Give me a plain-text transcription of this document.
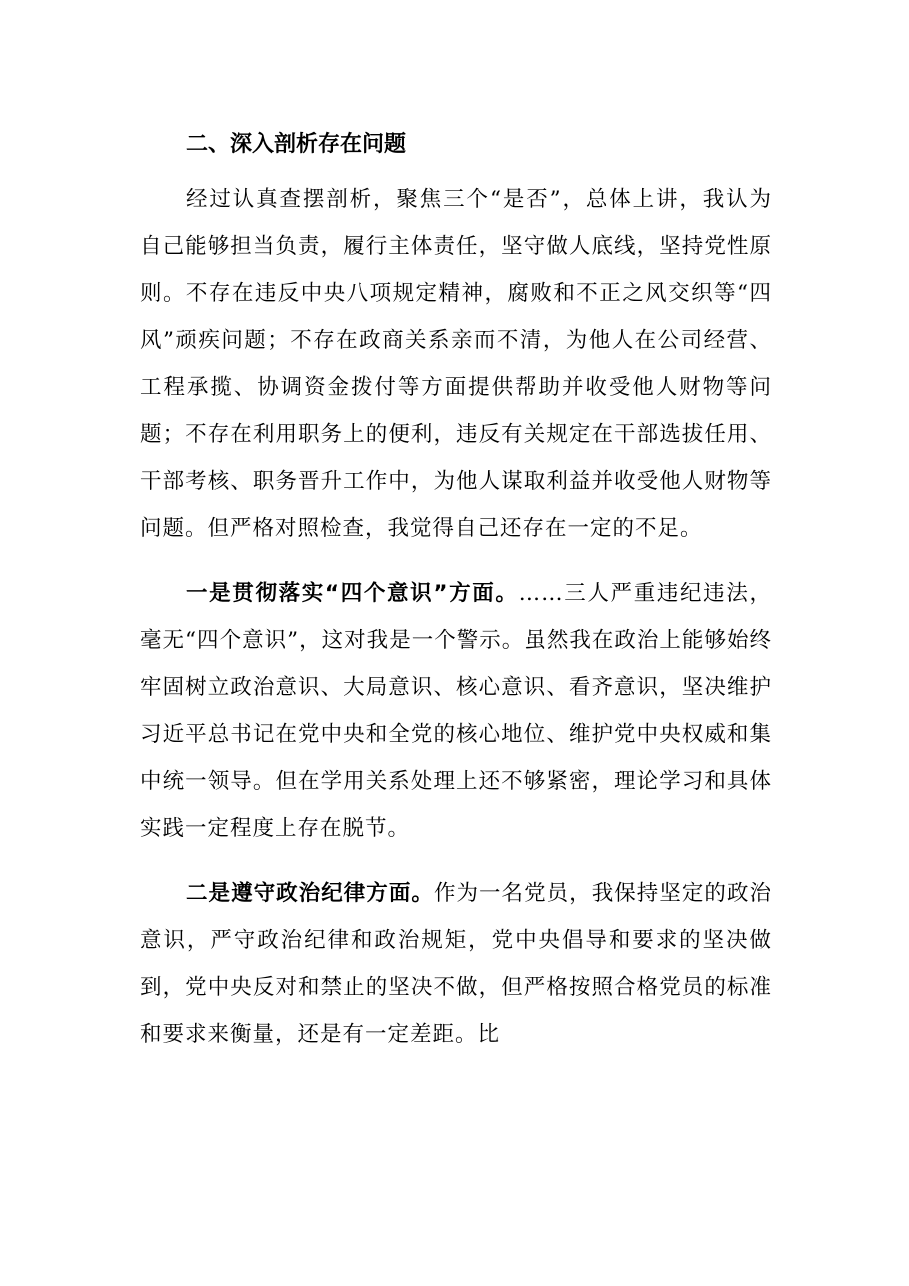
二、深入剖析存在问题

经过认真查摆剖析，聚焦三个“是否”，总体上讲，我认为自己能够担当负责，履行主体责任，坚守做人底线，坚持党性原则。不存在违反中央八项规定精神，腐败和不正之风交织等“四风”顽疾问题；不存在政商关系亲而不清，为他人在公司经营、工程承揽、协调资金拨付等方面提供帮助并收受他人财物等问题；不存在利用职务上的便利，违反有关规定在干部选拔任用、干部考核、职务晋升工作中，为他人谋取利益并收受他人财物等问题。但严格对照检查，我觉得自己还存在一定的不足。

一是贯彻落实“四个意识”方面。……三人严重违纪违法，毫无“四个意识”，这对我是一个警示。虽然我在政治上能够始终牢固树立政治意识、大局意识、核心意识、看齐意识，坚决维护习近平总书记在党中央和全党的核心地位、维护党中央权威和集中统一领导。但在学用关系处理上还不够紧密，理论学习和具体实践一定程度上存在脱节。

二是遵守政治纪律方面。作为一名党员，我保持坚定的政治意识，严守政治纪律和政治规矩，党中央倡导和要求的坚决做到，党中央反对和禁止的坚决不做，但严格按照合格党员的标准和要求来衡量，还是有一定差距。比
